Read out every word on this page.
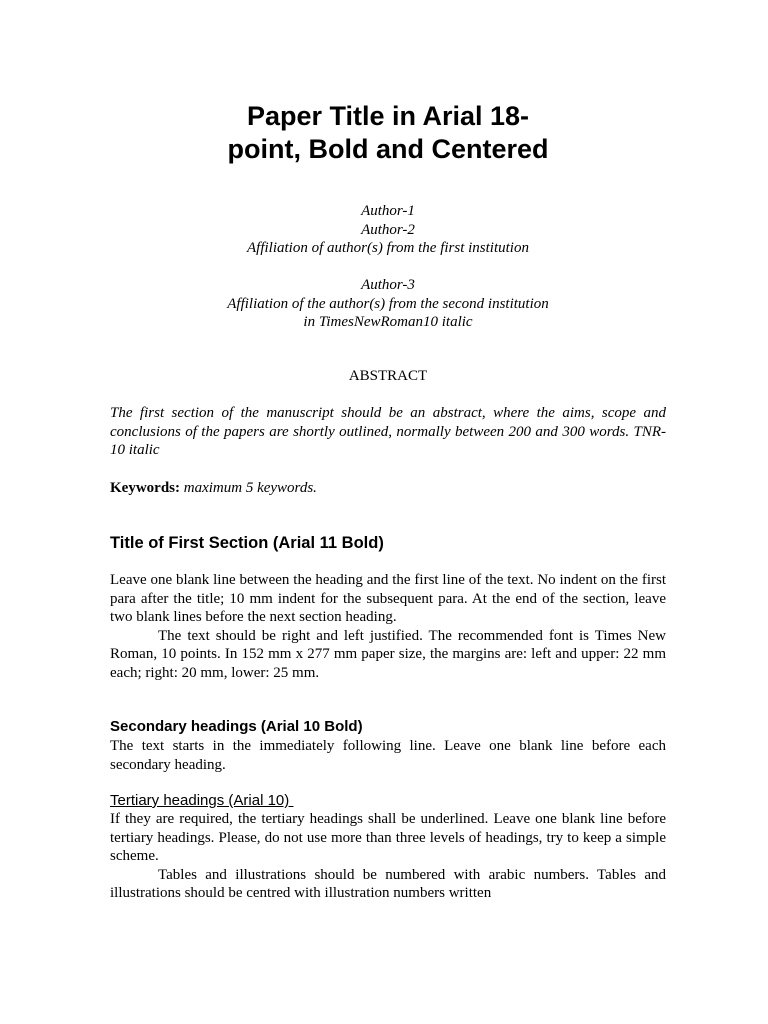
Paper Title in Arial 18-
point, Bold and Centered
Author-1
Author-2
Affiliation of author(s) from the first institution
Author-3
Affiliation of the author(s) from the second institution
in TimesNewRoman10 italic
ABSTRACT

The first section of the manuscript should be an abstract, where the aims, scope and conclusions of the papers are shortly outlined, normally between 200 and 300 words. TNR-10 italic

Keywords: maximum 5 keywords.

Title of First Section (Arial 11 Bold)

Leave one blank line between the heading and the first line of the text. No indent on the first para after the title; 10 mm indent for the subsequent para. At the end of the section, leave two blank lines before the next section heading.

The text should be right and left justified. The recommended font is Times New Roman, 10 points. In 152 mm x 277 mm paper size, the margins are: left and upper: 22 mm each; right: 20 mm, lower: 25 mm.

Secondary headings (Arial 10 Bold)

The text starts in the immediately following line. Leave one blank line before each secondary heading.

Tertiary headings (Arial 10)

If they are required, the tertiary headings shall be underlined. Leave one blank line before tertiary headings. Please, do not use more than three levels of headings, try to keep a simple scheme.

Tables and illustrations should be numbered with arabic numbers. Tables and illustrations should be centred with illustration numbers written
